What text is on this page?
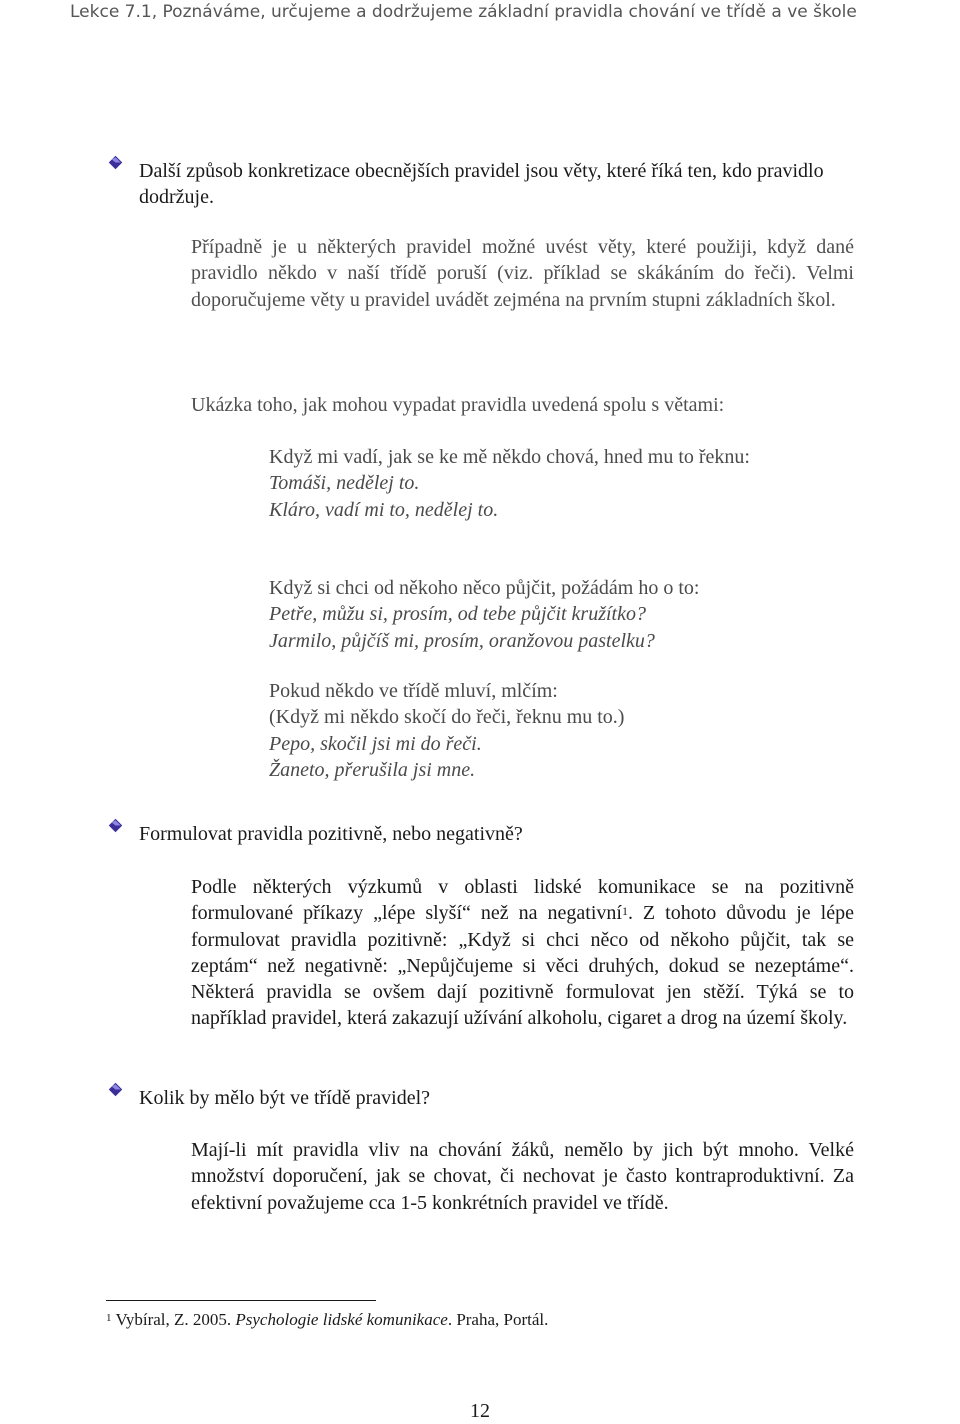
Lekce 7.1, Poznáváme, určujeme a dodržujeme základní pravidla chování ve třídě a ve škole
Další způsob konkretizace obecnějších pravidel jsou věty, které říká ten, kdo pravidlo dodržuje.
Případně je u některých pravidel možné uvést věty, které použiji, když dané pravidlo někdo v naší třídě poruší (viz. příklad se skákáním do řeči). Velmi doporučujeme věty u pravidel uvádět zejména na prvním stupni základních škol.
Ukázka toho, jak mohou vypadat pravidla uvedená spolu s větami:
Když mi vadí, jak se ke mě někdo chová, hned mu to řeknu:
Tomáši, nedělej to.
Kláro, vadí mi to, nedělej to.
Když si chci od někoho něco půjčit, požádám ho o to:
Petře, můžu si, prosím, od tebe půjčit kružítko?
Jarmilo, půjčíš mi, prosím, oranžovou pastelku?
Pokud někdo ve třídě mluví, mlčím:
(Když mi někdo skočí do řeči, řeknu mu to.)
Pepo, skočil jsi mi do řeči.
Žaneto, přerušila jsi mne.
Formulovat pravidla pozitivně, nebo negativně?
Podle některých výzkumů v oblasti lidské komunikace se na pozitivně formulované příkazy „lépe slyší“ než na negativní$^1$. Z tohoto důvodu je lépe formulovat pravidla pozitivně: „Když si chci něco od někoho půjčit, tak se zeptám“ než negativně: „Nepůjčujeme si věci druhých, dokud se nezeptáme“. Některá pravidla se ovšem dají pozitivně formulovat jen stěží. Týká se to například pravidel, která zakazují užívání alkoholu, cigaret a drog na území školy.
Kolik by mělo být ve třídě pravidel?
Mají-li mít pravidla vliv na chování žáků, nemělo by jich být mnoho. Velké množství doporučení, jak se chovat, či nechovat je často kontraproduktivní. Za efektivní považujeme cca 1-5 konkrétních pravidel ve třídě.
$^1$ Vybíral, Z. 2005. Psychologie lidské komunikace. Praha, Portál.
12
